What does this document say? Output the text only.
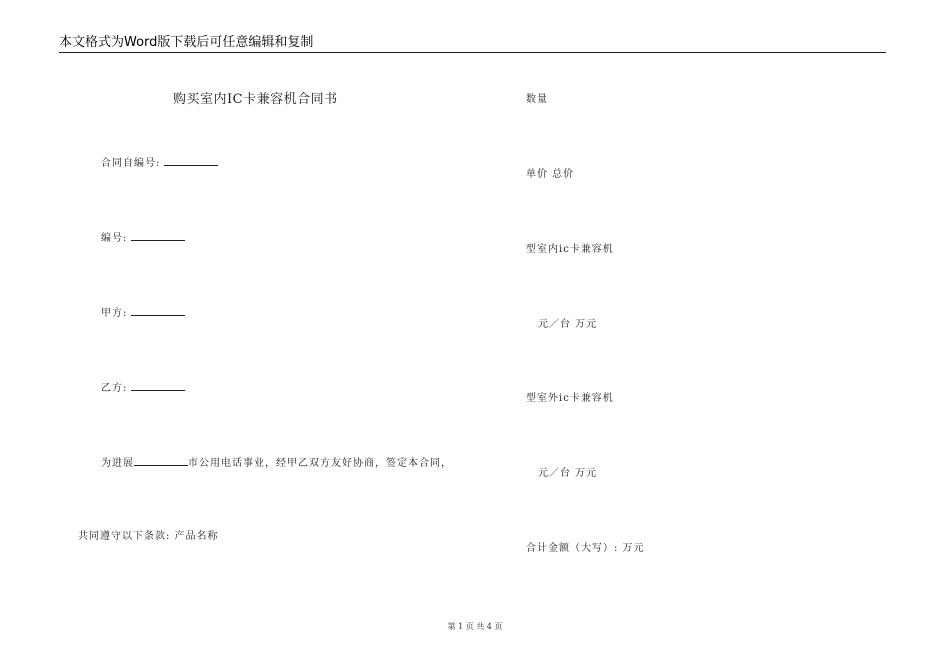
本文格式为Word版下载后可任意编辑和复制
购买室内IC卡兼容机合同书
合同自编号:
编号:
甲方:
乙方:
为进展	市公用电话事业，经甲乙双方友好协商，签定本合同，
共同遵守以下条款: 产品名称
数量
单价 总价
型室内ic卡兼容机
元／台 万元
型室外ic卡兼容机
元／台 万元
合计金额（大写）: 万元
第 1 页 共 4 页
